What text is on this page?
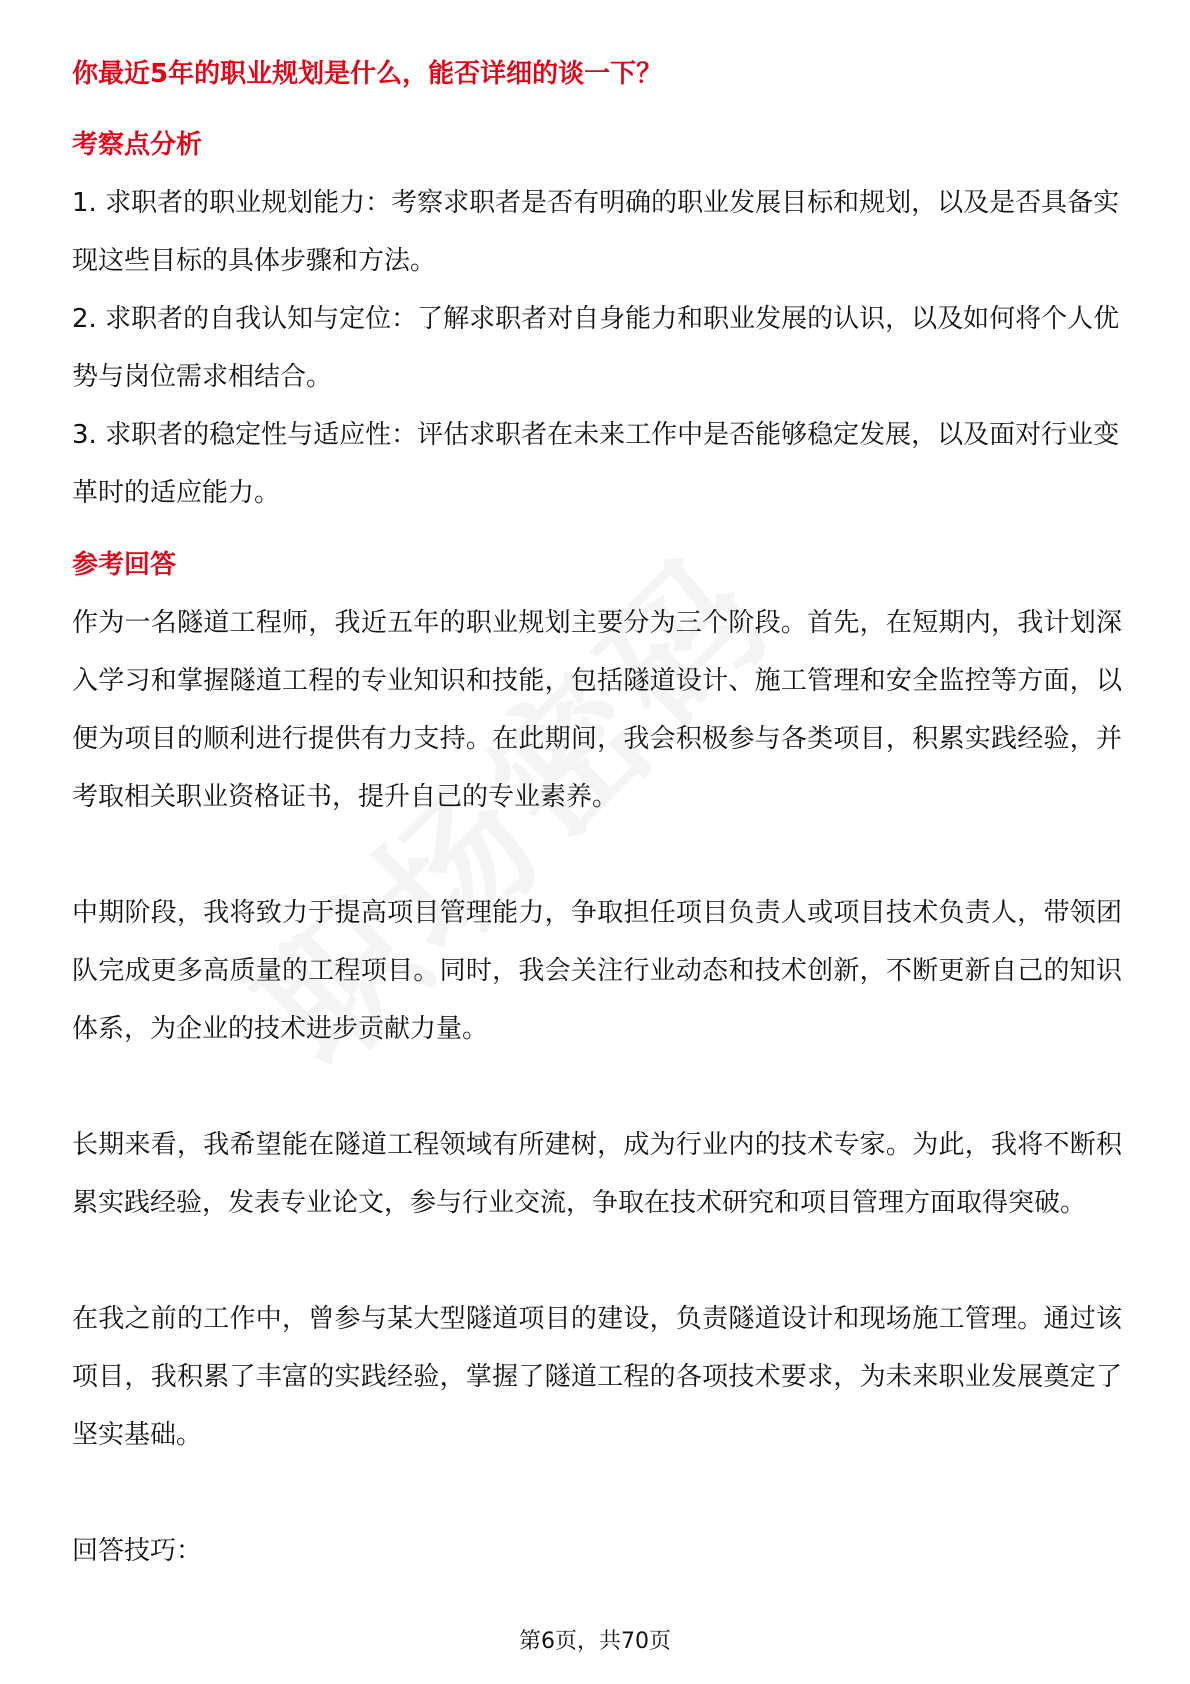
你最近5年的职业规划是什么，能否详细的谈一下？

考察点分析

1. 求职者的职业规划能力：考察求职者是否有明确的职业发展目标和规划，以及是否具备实现这些目标的具体步骤和方法。

2. 求职者的自我认知与定位：了解求职者对自身能力和职业发展的认识，以及如何将个人优势与岗位需求相结合。

3. 求职者的稳定性与适应性：评估求职者在未来工作中是否能够稳定发展，以及面对行业变革时的适应能力。

参考回答

作为一名隧道工程师，我近五年的职业规划主要分为三个阶段。首先，在短期内，我计划深入学习和掌握隧道工程的专业知识和技能，包括隧道设计、施工管理和安全监控等方面，以便为项目的顺利进行提供有力支持。在此期间，我会积极参与各类项目，积累实践经验，并考取相关职业资格证书，提升自己的专业素养。

中期阶段，我将致力于提高项目管理能力，争取担任项目负责人或项目技术负责人，带领团队完成更多高质量的工程项目。同时，我会关注行业动态和技术创新，不断更新自己的知识体系，为企业的技术进步贡献力量。

长期来看，我希望能在隧道工程领域有所建树，成为行业内的技术专家。为此，我将不断积累实践经验，发表专业论文，参与行业交流，争取在技术研究和项目管理方面取得突破。

在我之前的工作中，曾参与某大型隧道项目的建设，负责隧道设计和现场施工管理。通过该项目，我积累了丰富的实践经验，掌握了隧道工程的各项技术要求，为未来职业发展奠定了坚实基础。

回答技巧：

第6页，共70页
